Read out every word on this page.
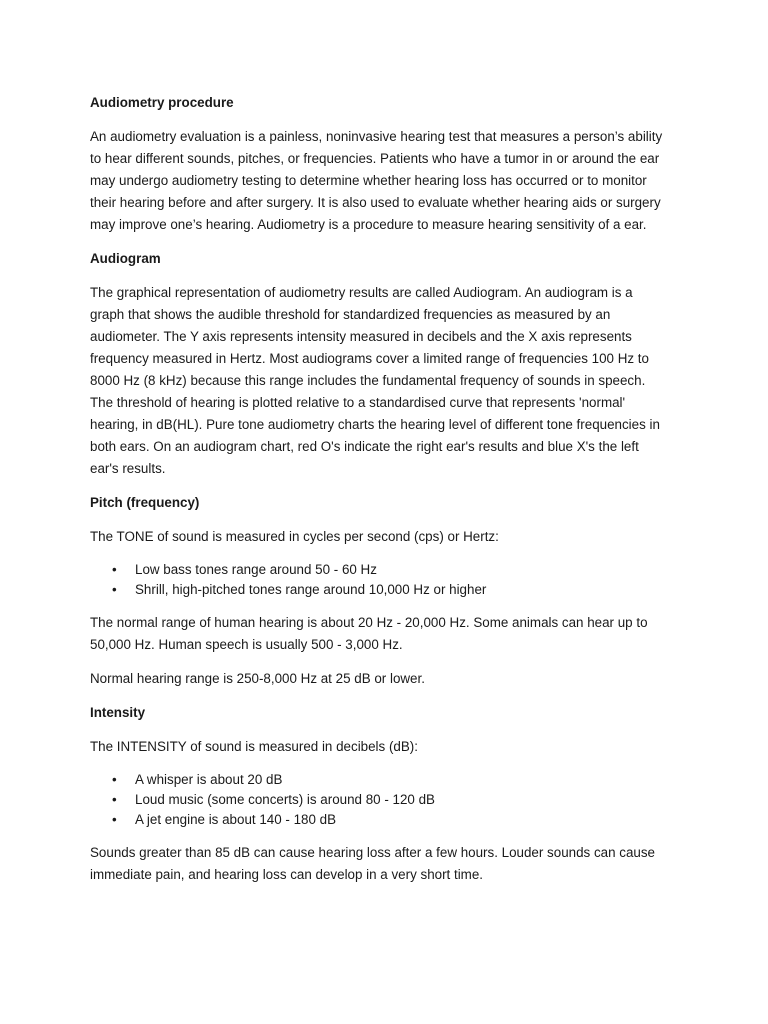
Audiometry procedure

An audiometry evaluation is a painless, noninvasive hearing test that measures a person’s ability to hear different sounds, pitches, or frequencies. Patients who have a tumor in or around the ear may undergo audiometry testing to determine whether hearing loss has occurred or to monitor their hearing before and after surgery. It is also used to evaluate whether hearing aids or surgery may improve one’s hearing. Audiometry is a procedure to measure hearing sensitivity of a ear.

Audiogram

The graphical representation of audiometry results are called Audiogram. An audiogram is a graph that shows the audible threshold for standardized frequencies as measured by an audiometer. The Y axis represents intensity measured in decibels and the X axis represents frequency measured in Hertz. Most audiograms cover a limited range of frequencies 100 Hz to 8000 Hz (8 kHz) because this range includes the fundamental frequency of sounds in speech. The threshold of hearing is plotted relative to a standardised curve that represents 'normal' hearing, in dB(HL). Pure tone audiometry charts the hearing level of different tone frequencies in both ears. On an audiogram chart, red O's indicate the right ear's results and blue X's the left ear's results.

Pitch (frequency)

The TONE of sound is measured in cycles per second (cps) or Hertz:

• Low bass tones range around 50 - 60 Hz
• Shrill, high-pitched tones range around 10,000 Hz or higher

The normal range of human hearing is about 20 Hz - 20,000 Hz. Some animals can hear up to 50,000 Hz. Human speech is usually 500 - 3,000 Hz.

Normal hearing range is 250-8,000 Hz at 25 dB or lower.

Intensity

The INTENSITY of sound is measured in decibels (dB):

• A whisper is about 20 dB
• Loud music (some concerts) is around 80 - 120 dB
• A jet engine is about 140 - 180 dB

Sounds greater than 85 dB can cause hearing loss after a few hours. Louder sounds can cause immediate pain, and hearing loss can develop in a very short time.
